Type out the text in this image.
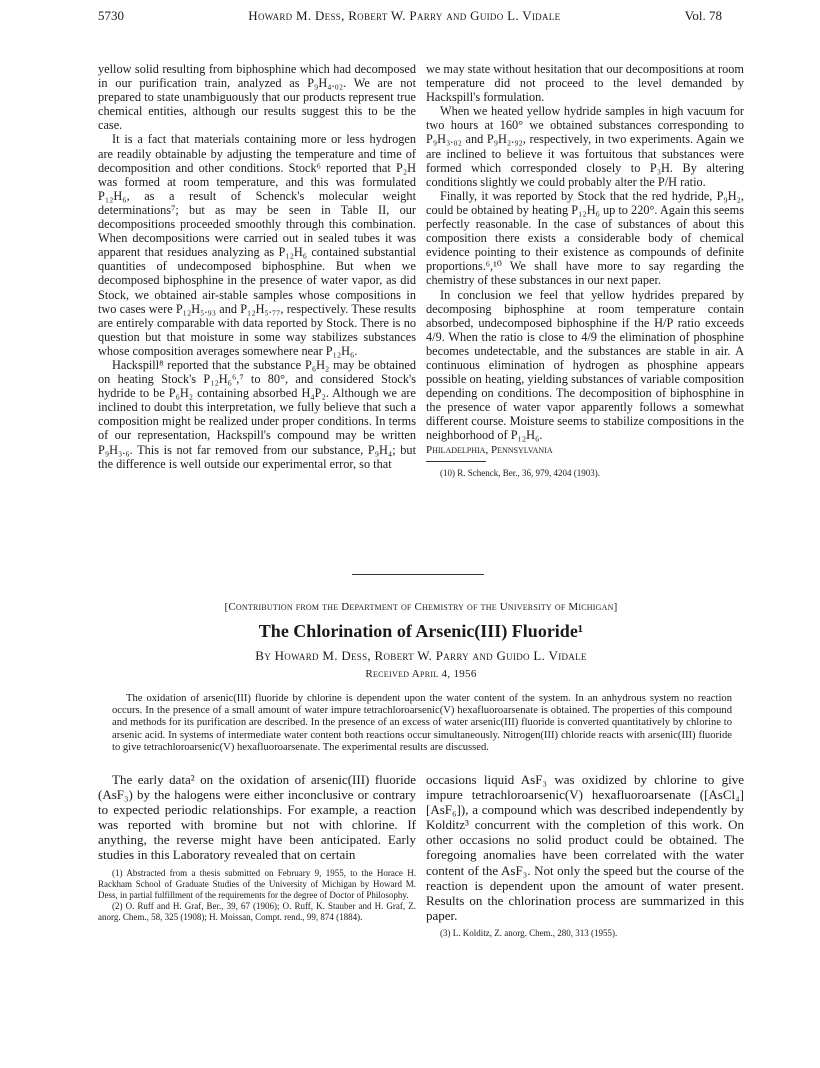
5730	Howard M. Dess, Robert W. Parry and Guido L. Vidale	Vol. 78

yellow solid resulting from biphosphine which had decomposed in our purification train, analyzed as P₉H₄.₀₂. We are not prepared to state unambiguously that our products represent true chemical entities, although our results suggest this to be the case.

It is a fact that materials containing more or less hydrogen are readily obtainable by adjusting the temperature and time of decomposition and other conditions. Stock⁶ reported that P₂H was formed at room temperature, and this was formulated P₁₂H₆, as a result of Schenck's molecular weight determinations⁷; but as may be seen in Table II, our decompositions proceeded smoothly through this combination. When decompositions were carried out in sealed tubes it was apparent that residues analyzing as P₁₂H₆ contained substantial quantities of undecomposed biphosphine. But when we decomposed biphosphine in the presence of water vapor, as did Stock, we obtained air-stable samples whose compositions in two cases were P₁₂H₅.₉₃ and P₁₂H₅.₇₇, respectively. These results are entirely comparable with data reported by Stock. There is no question but that moisture in some way stabilizes substances whose composition averages somewhere near P₁₂H₆.

Hackspill⁸ reported that the substance P₆H₂ may be obtained on heating Stock's P₁₂H₆⁶,⁷ to 80°, and considered Stock's hydride to be P₆H₂ containing absorbed H₄P₂. Although we are inclined to doubt this interpretation, we fully believe that such a composition might be realized under proper conditions. In terms of our representation, Hackspill's compound may be written P₉H₃.₆. This is not far removed from our substance, P₉H₄; but the difference is well outside our experimental error, so that

we may state without hesitation that our decompositions at room temperature did not proceed to the level demanded by Hackspill's formulation.

When we heated yellow hydride samples in high vacuum for two hours at 160° we obtained substances corresponding to P₉H₃.₀₂ and P₉H₂.₉₂, respectively, in two experiments. Again we are inclined to believe it was fortuitous that substances were formed which corresponded closely to P₃H. By altering conditions slightly we could probably alter the P/H ratio.

Finally, it was reported by Stock that the red hydride, P₉H₂, could be obtained by heating P₁₂H₆ up to 220°. Again this seems perfectly reasonable. In the case of substances of about this composition there exists a considerable body of chemical evidence pointing to their existence as compounds of definite proportions.⁶,¹⁰ We shall have more to say regarding the chemistry of these substances in our next paper.

In conclusion we feel that yellow hydrides prepared by decomposing biphosphine at room temperature contain absorbed, undecomposed biphosphine if the H/P ratio exceeds 4/9. When the ratio is close to 4/9 the elimination of phosphine becomes undetectable, and the substances are stable in air. A continuous elimination of hydrogen as phosphine appears possible on heating, yielding substances of variable composition depending on conditions. The decomposition of biphosphine in the presence of water vapor apparently follows a somewhat different course. Moisture seems to stabilize compositions in the neighborhood of P₁₂H₆.

Philadelphia, Pennsylvania

(10) R. Schenck, Ber., 36, 979, 4204 (1903).

[Contribution from the Department of Chemistry of the University of Michigan]
The Chlorination of Arsenic(III) Fluoride¹
By Howard M. Dess, Robert W. Parry and Guido L. Vidale
Received April 4, 1956

The oxidation of arsenic(III) fluoride by chlorine is dependent upon the water content of the system. In an anhydrous system no reaction occurs. In the presence of a small amount of water impure tetrachloroarsenic(V) hexafluoroarsenate is obtained. The properties of this compound and methods for its purification are described. In the presence of an excess of water arsenic(III) fluoride is converted quantitatively by chlorine to arsenic acid. In systems of intermediate water content both reactions occur simultaneously. Nitrogen(III) chloride reacts with arsenic(III) fluoride to give tetrachloroarsenic(V) hexafluoroarsenate. The experimental results are discussed.

The early data² on the oxidation of arsenic(III) fluoride (AsF₃) by the halogens were either inconclusive or contrary to expected periodic relationships. For example, a reaction was reported with bromine but not with chlorine. If anything, the reverse might have been anticipated. Early studies in this Laboratory revealed that on certain

(1) Abstracted from a thesis submitted on February 9, 1955, to the Horace H. Rackham School of Graduate Studies of the University of Michigan by Howard M. Dess, in partial fulfillment of the requirements for the degree of Doctor of Philosophy.

(2) O. Ruff and H. Graf, Ber., 39, 67 (1906); O. Ruff, K. Stauber and H. Graf, Z. anorg. Chem., 58, 325 (1908); H. Moissan, Compt. rend., 99, 874 (1884).

occasions liquid AsF₃ was oxidized by chlorine to give impure tetrachloroarsenic(V) hexafluoroarsenate ([AsCl₄][AsF₆]), a compound which was described independently by Kolditz³ concurrent with the completion of this work. On other occasions no solid product could be obtained. The foregoing anomalies have been correlated with the water content of the AsF₃. Not only the speed but the course of the reaction is dependent upon the amount of water present. Results on the chlorination process are summarized in this paper.

(3) L. Kolditz, Z. anorg. Chem., 280, 313 (1955).
